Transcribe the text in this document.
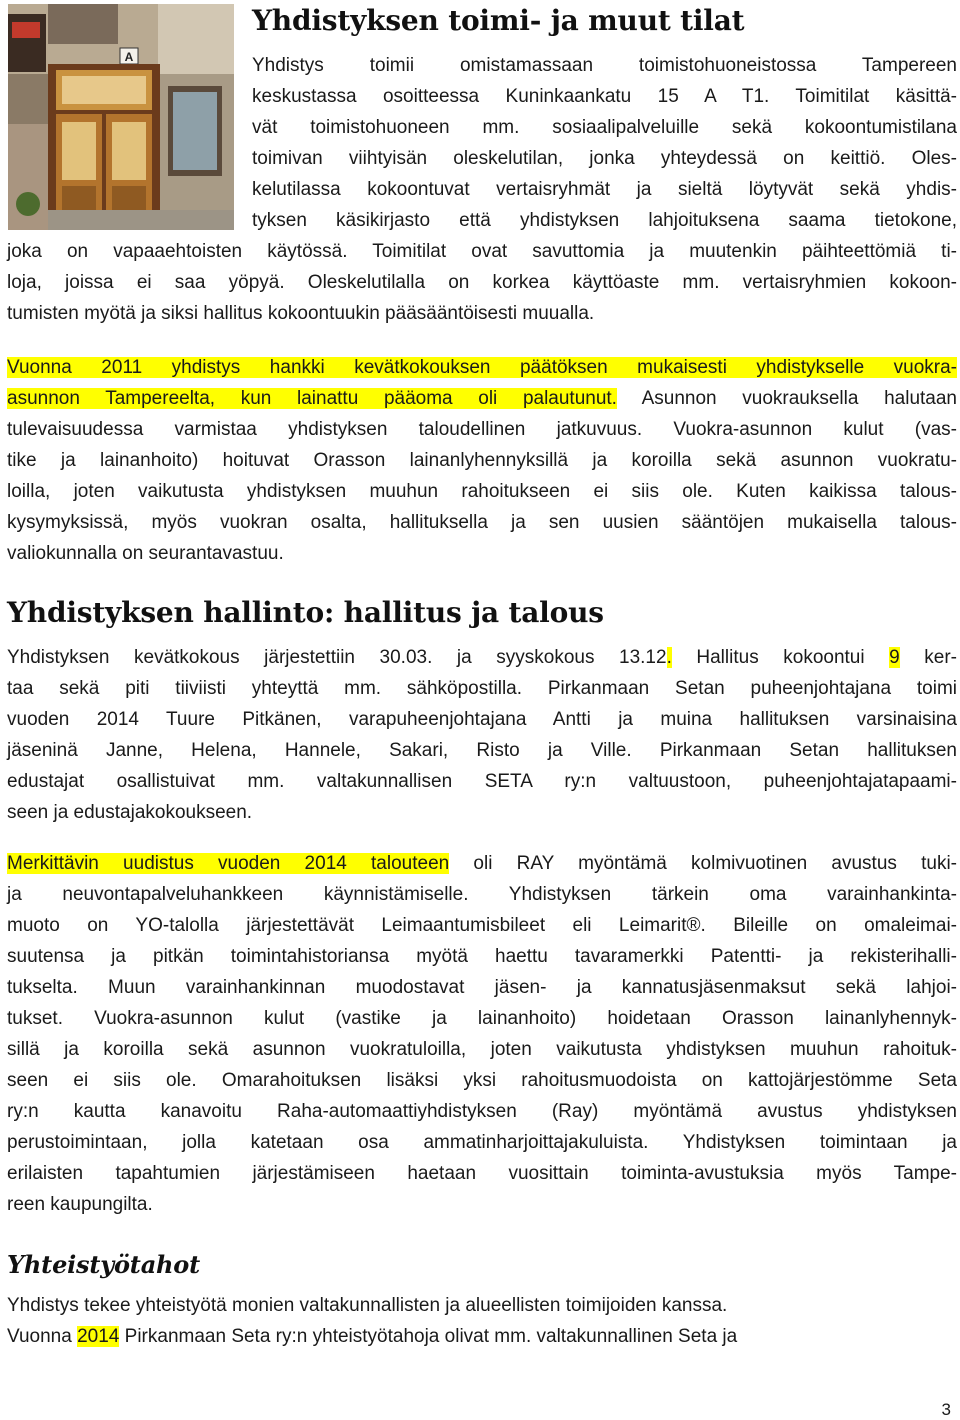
A
Yhdistyksen toimi- ja muut tilat
Yhdistys toimii omistamassaan toimistohuoneistossa Tampereen
keskustassa osoitteessa Kuninkaankatu 15 A T1. Toimitilat käsittä-
vät toimistohuoneen mm. sosiaalipalveluille sekä kokoontumistilana
toimivan viihtyisän oleskelutilan, jonka yhteydessä on keittiö. Oles-
kelutilassa kokoontuvat vertaisryhmät ja sieltä löytyvät sekä yhdis-
tyksen käsikirjasto että yhdistyksen lahjoituksena saama tietokone,
joka on vapaaehtoisten käytössä. Toimitilat ovat savuttomia ja muutenkin päihteettömiä ti-
loja, joissa ei saa yöpyä. Oleskelutilalla on korkea käyttöaste mm. vertaisryhmien kokoon-
tumisten myötä ja siksi hallitus kokoontuukin pääsääntöisesti muualla.
Vuonna 2011 yhdistys hankki kevätkokouksen päätöksen mukaisesti yhdistykselle vuokra-
asunnon Tampereelta, kun lainattu pääoma oli palautunut. Asunnon vuokrauksella halutaan
tulevaisuudessa varmistaa yhdistyksen taloudellinen jatkuvuus. Vuokra-asunnon kulut (vas-
tike ja lainanhoito) hoituvat Orasson lainanlyhennyksillä ja koroilla sekä asunnon vuokratu-
loilla, joten vaikutusta yhdistyksen muuhun rahoitukseen ei siis ole. Kuten kaikissa talous-
kysymyksissä, myös vuokran osalta, hallituksella ja sen uusien sääntöjen mukaisella talous-
valiokunnalla on seurantavastuu.
Yhdistyksen hallinto: hallitus ja talous
Yhdistyksen kevätkokous järjestettiin 30.03. ja syyskokous 13.12. Hallitus kokoontui 9 ker-
taa sekä piti tiiviisti yhteyttä mm. sähköpostilla. Pirkanmaan Setan puheenjohtajana toimi
vuoden 2014 Tuure Pitkänen, varapuheenjohtajana Antti ja muina hallituksen varsinaisina
jäseninä Janne, Helena, Hannele, Sakari, Risto ja Ville. Pirkanmaan Setan hallituksen
edustajat osallistuivat mm. valtakunnallisen SETA ry:n valtuustoon, puheenjohtajatapaami-
seen ja edustajakokoukseen.
Merkittävin uudistus vuoden 2014 talouteen oli RAY myöntämä kolmivuotinen avustus tuki-
ja neuvontapalveluhankkeen käynnistämiselle. Yhdistyksen tärkein oma varainhankinta-
muoto on YO-talolla järjestettävät Leimaantumisbileet eli Leimarit®. Bileille on omaleimai-
suutensa ja pitkän toimintahistoriansa myötä haettu tavaramerkki Patentti- ja rekisterihalli-
tukselta. Muun varainhankinnan muodostavat jäsen- ja kannatusjäsenmaksut sekä lahjoi-
tukset. Vuokra-asunnon kulut (vastike ja lainanhoito) hoidetaan Orasson lainanlyhennyk-
sillä ja koroilla sekä asunnon vuokratuloilla, joten vaikutusta yhdistyksen muuhun rahoituk-
seen ei siis ole. Omarahoituksen lisäksi yksi rahoitusmuodoista on kattojärjestömme Seta
ry:n kautta kanavoitu Raha-automaattiyhdistyksen (Ray) myöntämä avustus yhdistyksen
perustoimintaan, jolla katetaan osa ammatinharjoittajakuluista. Yhdistyksen toimintaan ja
erilaisten tapahtumien järjestämiseen haetaan vuosittain toiminta-avustuksia myös Tampe-
reen kaupungilta.
Yhteistyötahot
Yhdistys tekee yhteistyötä monien valtakunnallisten ja alueellisten toimijoiden kanssa.
Vuonna 2014 Pirkanmaan Seta ry:n yhteistyötahoja olivat mm. valtakunnallinen Seta ja
3
